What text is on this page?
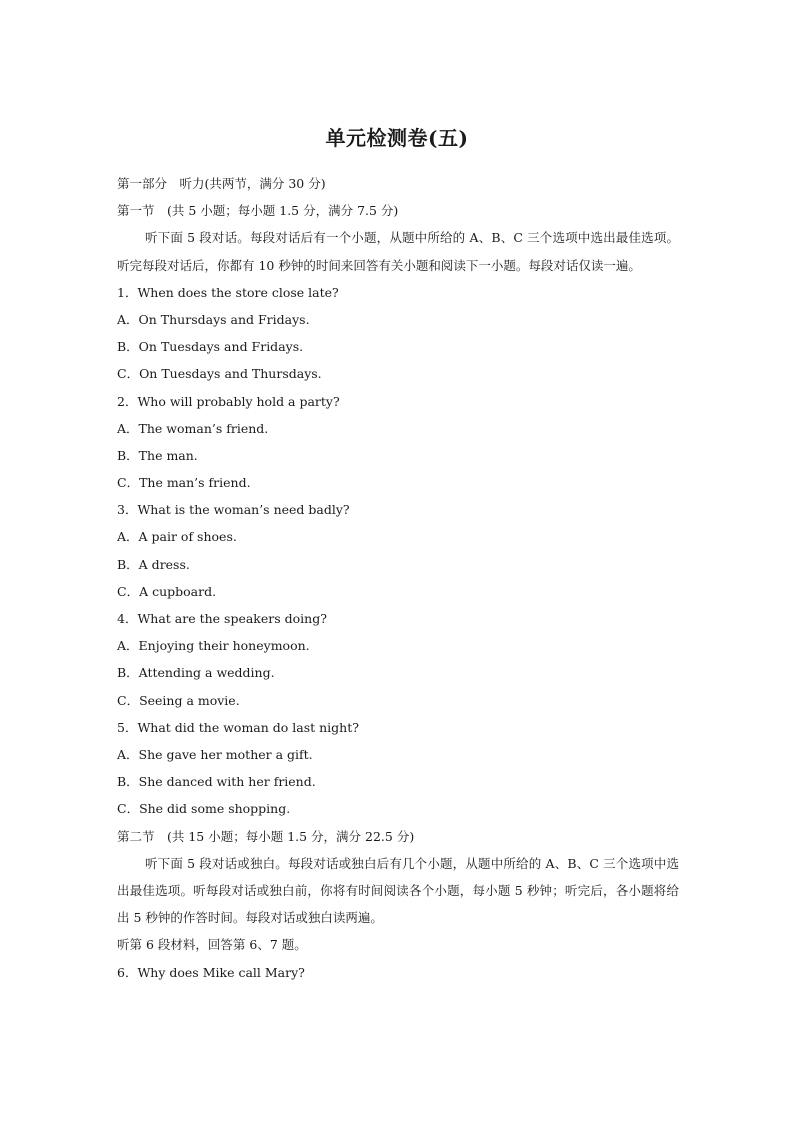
单元检测卷(五)
第一部分　听力(共两节，满分 30 分)
第一节　(共 5 小题；每小题 1.5 分，满分 7.5 分)
听下面 5 段对话。每段对话后有一个小题，从题中所给的 A、B、C 三个选项中选出最佳选项。听完每段对话后，你都有 10 秒钟的时间来回答有关小题和阅读下一小题。每段对话仅读一遍。
1．When does the store close late?
A．On Thursdays and Fridays.
B．On Tuesdays and Fridays.
C．On Tuesdays and Thursdays.
2．Who will probably hold a party?
A．The woman’s friend.
B．The man.
C．The man’s friend.
3．What is the woman’s need badly?
A．A pair of shoes.
B．A dress.
C．A cupboard.
4．What are the speakers doing?
A．Enjoying their honeymoon.
B．Attending a wedding.
C．Seeing a movie.
5．What did the woman do last night?
A．She gave her mother a gift.
B．She danced with her friend.
C．She did some shopping.
第二节　(共 15 小题；每小题 1.5 分，满分 22.5 分)
听下面 5 段对话或独白。每段对话或独白后有几个小题，从题中所给的 A、B、C 三个选项中选出最佳选项。听每段对话或独白前，你将有时间阅读各个小题，每小题 5 秒钟；听完后，各小题将给出 5 秒钟的作答时间。每段对话或独白读两遍。
听第 6 段材料，回答第 6、7 题。
6．Why does Mike call Mary?
